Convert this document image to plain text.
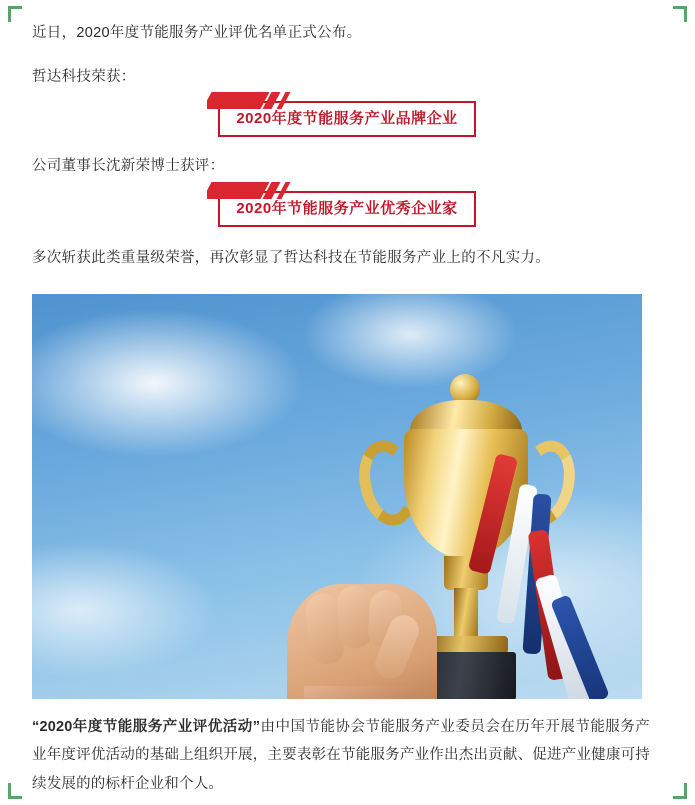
近日，2020年度节能服务产业评优名单正式公布。

哲达科技荣获：

2020年度节能服务产业品牌企业

公司董事长沈新荣博士获评：

2020年节能服务产业优秀企业家

多次斩获此类重量级荣誉，再次彰显了哲达科技在节能服务产业上的不凡实力。

“2020年度节能服务产业评优活动”由中国节能协会节能服务产业委员会在历年开展节能服务产业年度评优活动的基础上组织开展，主要表彰在节能服务产业作出杰出贡献、促进产业健康可持续发展的的标杆企业和个人。
